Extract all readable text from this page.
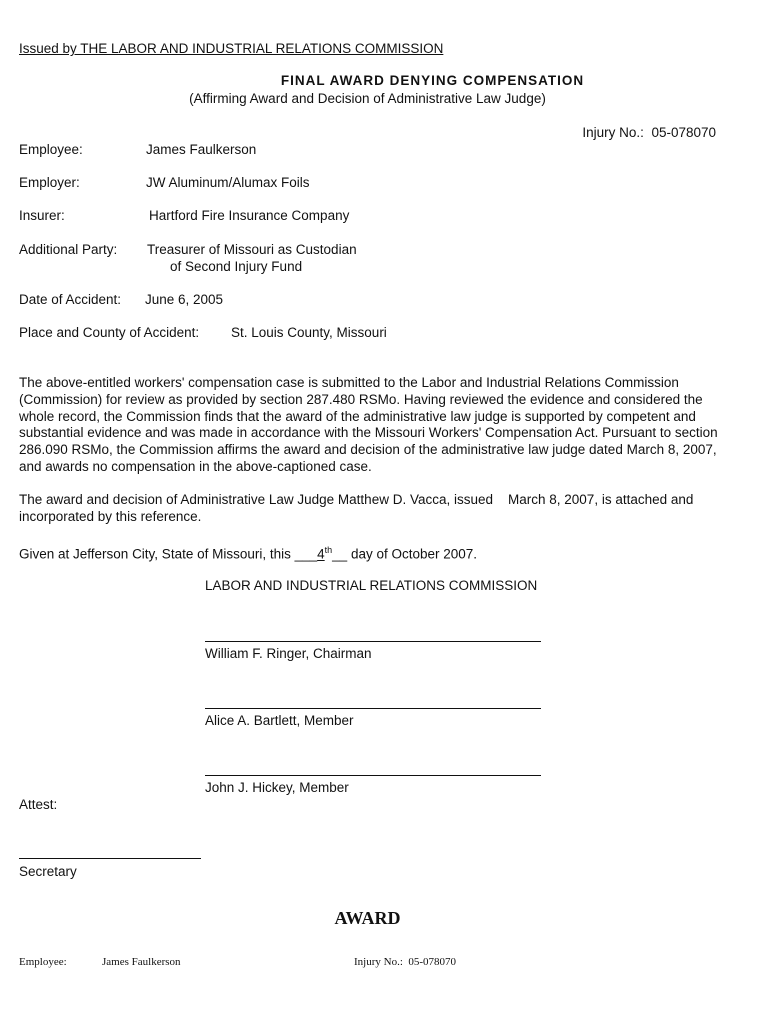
Issued by THE LABOR AND INDUSTRIAL RELATIONS COMMISSION
FINAL AWARD DENYING COMPENSATION
(Affirming Award and Decision of Administrative Law Judge)
Injury No.: 05-078070
Employee:	James Faulkerson
Employer:	JW Aluminum/Alumax Foils
Insurer:	Hartford Fire Insurance Company
Additional Party: Treasurer of Missouri as Custodian
of Second Injury Fund
Date of Accident: June 6, 2005
Place and County of Accident: St. Louis County, Missouri
The above-entitled workers' compensation case is submitted to the Labor and Industrial Relations Commission (Commission) for review as provided by section 287.480 RSMo. Having reviewed the evidence and considered the whole record, the Commission finds that the award of the administrative law judge is supported by competent and substantial evidence and was made in accordance with the Missouri Workers' Compensation Act. Pursuant to section 286.090 RSMo, the Commission affirms the award and decision of the administrative law judge dated March 8, 2007, and awards no compensation in the above-captioned case.
The award and decision of Administrative Law Judge Matthew D. Vacca, issued March 8, 2007, is attached and incorporated by this reference.
Given at Jefferson City, State of Missouri, this ___4th__ day of October 2007.
LABOR AND INDUSTRIAL RELATIONS COMMISSION
William F. Ringer, Chairman
Alice A. Bartlett, Member
John J. Hickey, Member
Attest:
Secretary
AWARD
Employee:	James Faulkerson	Injury No.: 05-078070
